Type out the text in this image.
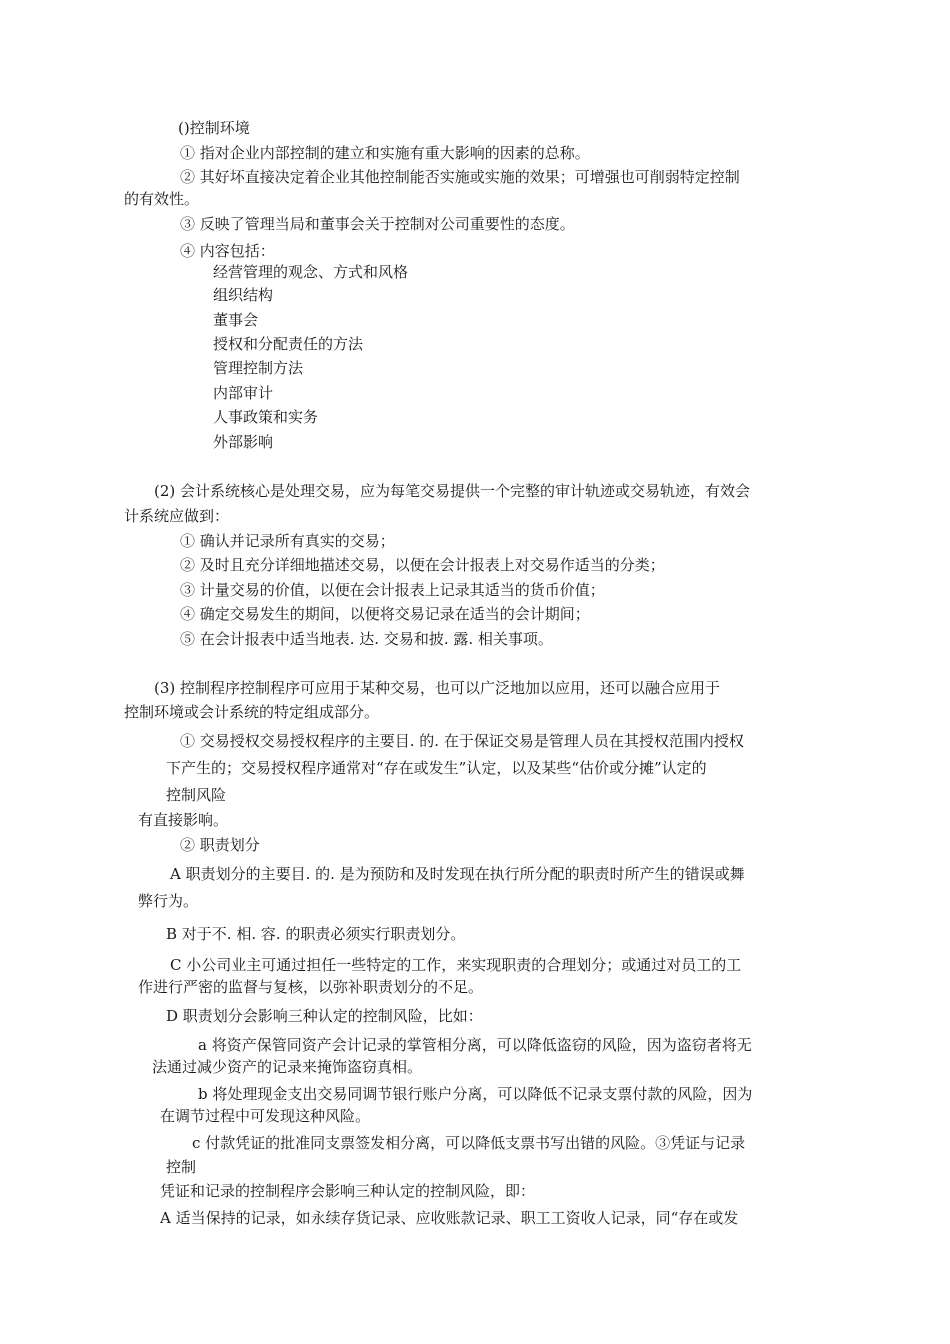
()控制环境
① 指对企业内部控制的建立和实施有重大影响的因素的总称。
② 其好坏直接决定着企业其他控制能否实施或实施的效果；可增强也可削弱特定控制
的有效性。
③ 反映了管理当局和董事会关于控制对公司重要性的态度。
④ 内容包括：
经营管理的观念、方式和风格
组织结构
董事会
授权和分配责任的方法
管理控制方法
内部审计
人事政策和实务
外部影响
(2) 会计系统核心是处理交易，应为每笔交易提供一个完整的审计轨迹或交易轨迹，有效会
计系统应做到：
① 确认并记录所有真实的交易；
② 及时且充分详细地描述交易，以便在会计报表上对交易作适当的分类；
③ 计量交易的价值，以便在会计报表上记录其适当的货币价值；
④ 确定交易发生的期间，以便将交易记录在适当的会计期间；
⑤ 在会计报表中适当地表. 达. 交易和披. 露. 相关事项。
(3) 控制程序控制程序可应用于某种交易，也可以广泛地加以应用，还可以融合应用于
控制环境或会计系统的特定组成部分。
① 交易授权交易授权程序的主要目. 的. 在于保证交易是管理人员在其授权范围内授权
下产生的；交易授权程序通常对“存在或发生”认定，以及某些“估价或分摊”认定的
控制风险
有直接影响。
② 职责划分
A 职责划分的主要目. 的. 是为预防和及时发现在执行所分配的职责时所产生的错误或舞
弊行为。
B 对于不. 相. 容. 的职责必须实行职责划分。
C 小公司业主可通过担任一些特定的工作，来实现职责的合理划分；或通过对员工的工
作进行严密的监督与复核，以弥补职责划分的不足。
D 职责划分会影响三种认定的控制风险，比如：
a 将资产保管同资产会计记录的掌管相分离，可以降低盗窃的风险，因为盗窃者将无
法通过减少资产的记录来掩饰盗窃真相。
b 将处理现金支出交易同调节银行账户分离，可以降低不记录支票付款的风险，因为
在调节过程中可发现这种风险。
c 付款凭证的批准同支票签发相分离，可以降低支票书写出错的风险。③凭证与记录
控制
凭证和记录的控制程序会影响三种认定的控制风险，即：
A 适当保持的记录，如永续存货记录、应收账款记录、职工工资收人记录，同“存在或发
